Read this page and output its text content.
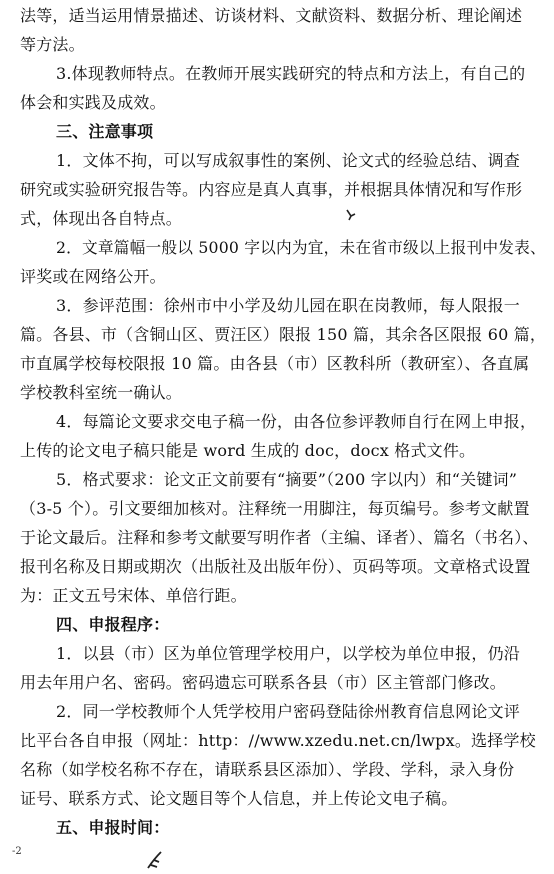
法等，适当运用情景描述、访谈材料、文献资料、数据分析、理论阐述
等方法。
3.体现教师特点。在教师开展实践研究的特点和方法上，有自己的
体会和实践及成效。
三、注意事项
1．文体不拘，可以写成叙事性的案例、论文式的经验总结、调查
研究或实验研究报告等。内容应是真人真事，并根据具体情况和写作形
式，体现出各自特点。
2．文章篇幅一般以 5000 字以内为宜，未在省市级以上报刊中发表、
评奖或在网络公开。
3．参评范围：徐州市中小学及幼儿园在职在岗教师，每人限报一
篇。各县、市（含铜山区、贾汪区）限报 150 篇，其余各区限报 60 篇，
市直属学校每校限报 10 篇。由各县（市）区教科所（教研室）、各直属
学校教科室统一确认。
4．每篇论文要求交电子稿一份，由各位参评教师自行在网上申报，
上传的论文电子稿只能是 word 生成的 doc，docx 格式文件。
5．格式要求：论文正文前要有“摘要”（200 字以内）和“关键词”
（3-5 个）。引文要细加核对。注释统一用脚注，每页编号。参考文献置
于论文最后。注释和参考文献要写明作者（主编、译者）、篇名（书名）、
报刊名称及日期或期次（出版社及出版年份）、页码等项。文章格式设置
为：正文五号宋体、单倍行距。
四、申报程序：
1．以县（市）区为单位管理学校用户，以学校为单位申报，仍沿
用去年用户名、密码。密码遗忘可联系各县（市）区主管部门修改。
2．同一学校教师个人凭学校用户密码登陆徐州教育信息网论文评
比平台各自申报（网址：http：//www.xzedu.net.cn/lwpx。选择学校
名称（如学校名称不存在，请联系县区添加）、学段、学科，录入身份
证号、联系方式、论文题目等个人信息，并上传论文电子稿。
五、申报时间：
-2
